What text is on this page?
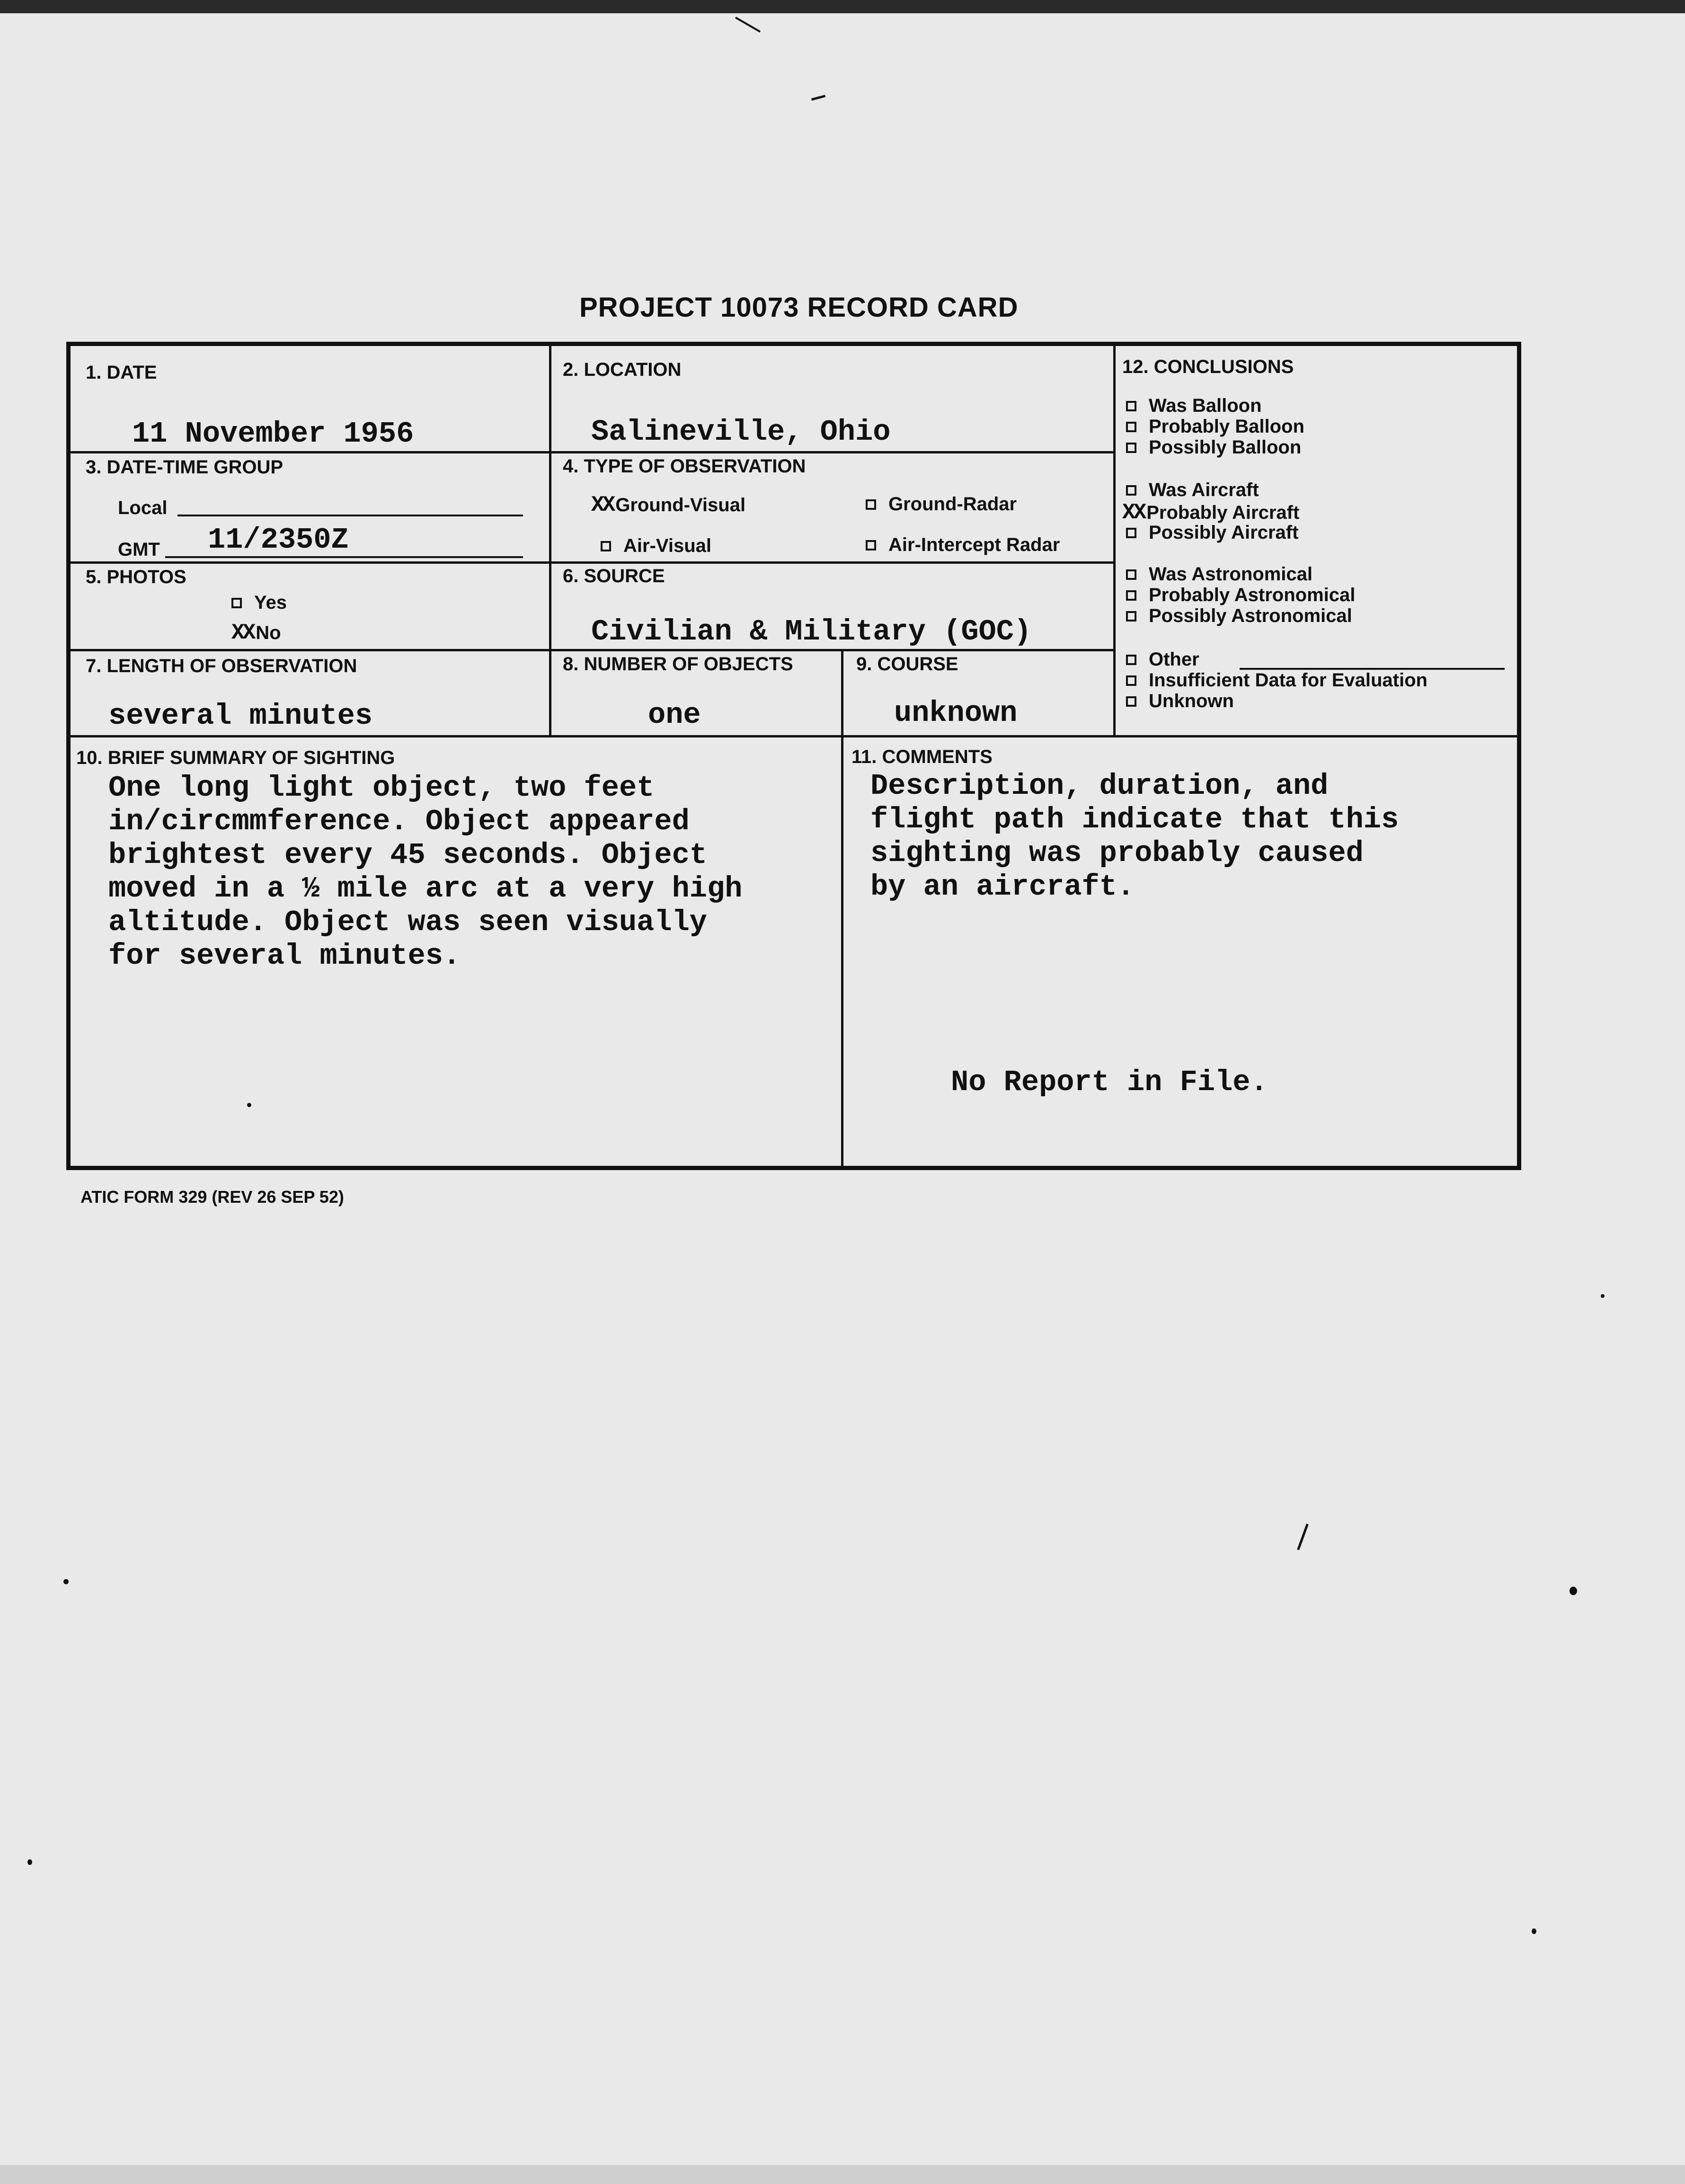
PROJECT 10073 RECORD CARD
1. DATE
11 November 1956
2. LOCATION
Salineville, Ohio
3. DATE-TIME GROUP
Local
GMT 11/2350Z
4. TYPE OF OBSERVATION
XX Ground-Visual	Ground-Radar
Air-Visual	Air-Intercept Radar
5. PHOTOS
Yes
XX No
6. SOURCE
Civilian & Military (GOC)
7. LENGTH OF OBSERVATION
several minutes
8. NUMBER OF OBJECTS
one
9. COURSE
unknown
10. BRIEF SUMMARY OF SIGHTING
One long light object, two feet
in/circmmference. Object appeared
brightest every 45 seconds. Object
moved in a ½ mile arc at a very high
altitude. Object was seen visually
for several minutes.
11. COMMENTS
Description, duration, and
flight path indicate that this
sighting was probably caused
by an aircraft.
No Report in File.
12. CONCLUSIONS
Was Balloon
Probably Balloon
Possibly Balloon
Was Aircraft
XX Probably Aircraft
Possibly Aircraft
Was Astronomical
Probably Astronomical
Possibly Astronomical
Other
Insufficient Data for Evaluation
Unknown
ATIC FORM 329 (REV 26 SEP 52)
